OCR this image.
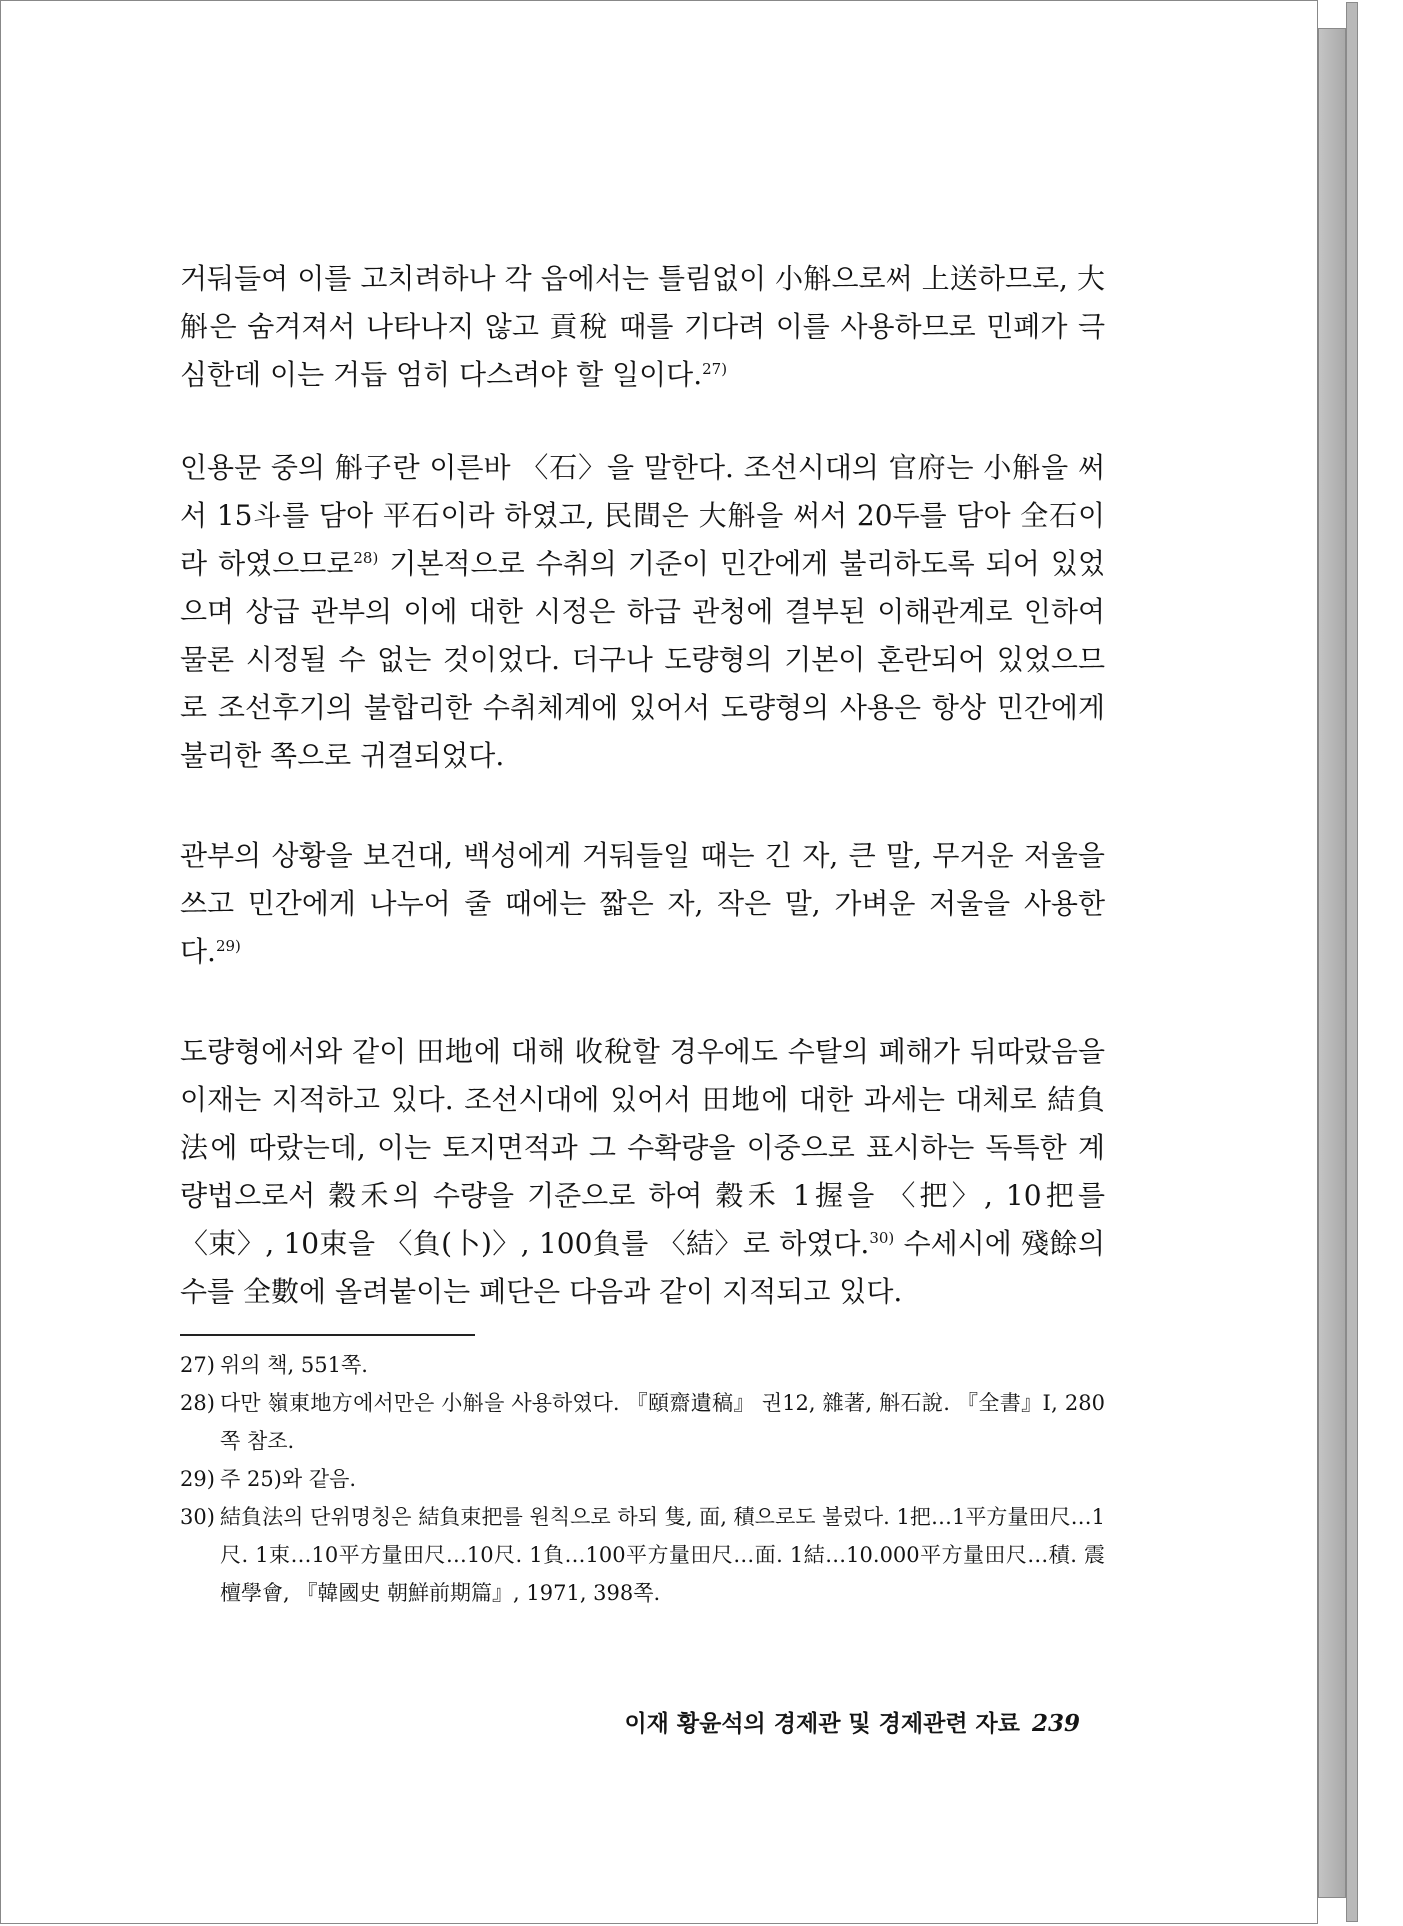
거둬들여 이를 고치려하나 각 읍에서는 틀림없이 小斛으로써 上送하므로, 大斛은 숨겨져서 나타나지 않고 貢稅 때를 기다려 이를 사용하므로 민폐가 극심한데 이는 거듭 엄히 다스려야 할 일이다.$^{27)}$

인용문 중의 斛子란 이른바 〈石〉을 말한다. 조선시대의 官府는 小斛을 써서 15斗를 담아 平石이라 하였고, 民間은 大斛을 써서 20두를 담아 全石이라 하였으므로$^{28)}$ 기본적으로 수취의 기준이 민간에게 불리하도록 되어 있었으며 상급 관부의 이에 대한 시정은 하급 관청에 결부된 이해관계로 인하여 물론 시정될 수 없는 것이었다. 더구나 도량형의 기본이 혼란되어 있었으므로 조선후기의 불합리한 수취체계에 있어서 도량형의 사용은 항상 민간에게 불리한 쪽으로 귀결되었다.

관부의 상황을 보건대, 백성에게 거둬들일 때는 긴 자, 큰 말, 무거운 저울을 쓰고 민간에게 나누어 줄 때에는 짧은 자, 작은 말, 가벼운 저울을 사용한다.$^{29)}$

도량형에서와 같이 田地에 대해 收稅할 경우에도 수탈의 폐해가 뒤따랐음을 이재는 지적하고 있다. 조선시대에 있어서 田地에 대한 과세는 대체로 結負法에 따랐는데, 이는 토지면적과 그 수확량을 이중으로 표시하는 독특한 계량법으로서 穀禾의 수량을 기준으로 하여 穀禾 1握을 〈把〉, 10把를 〈束〉, 10束을 〈負(卜)〉, 100負를 〈結〉로 하였다.$^{30)}$ 수세시에 殘餘의 수를 全數에 올려붙이는 폐단은 다음과 같이 지적되고 있다.

27) 위의 책, 551쪽.
28) 다만 嶺東地方에서만은 小斛을 사용하였다. 『頤齋遺稿』 권12, 雜著, 斛石說. 『全書』Ⅰ, 280쪽 참조.
29) 주 25)와 같음.
30) 結負法의 단위명칭은 結負束把를 원칙으로 하되 隻, 面, 積으로도 불렀다. 1把…1平方量田尺…1尺. 1束…10平方量田尺…10尺. 1負…100平方量田尺…面. 1結…10.000平方量田尺…積. 震檀學會, 『韓國史 朝鮮前期篇』, 1971, 398쪽.
이재 황윤석의 경제관 및 경제관련 자료 239
